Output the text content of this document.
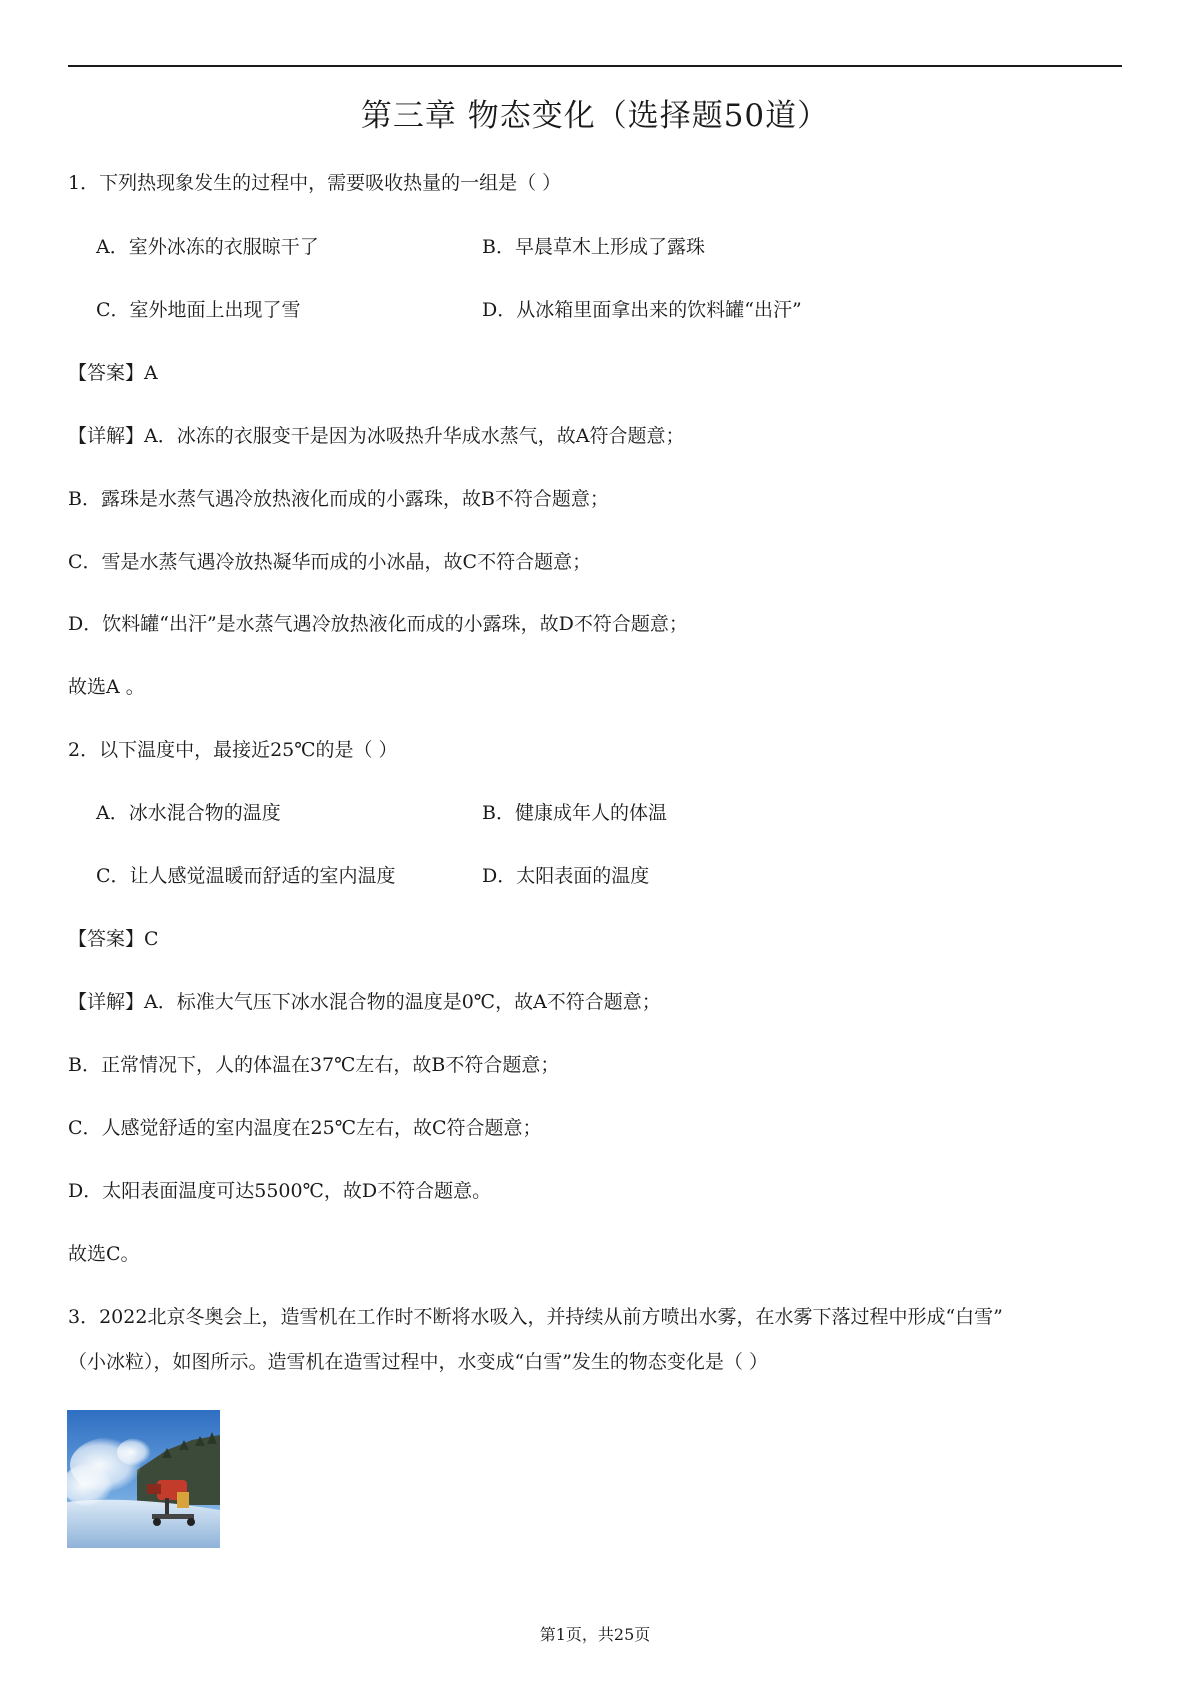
第三章 物态变化（选择题50道）
1．下列热现象发生的过程中，需要吸收热量的一组是（ ）
A．室外冰冻的衣服晾干了	B．早晨草木上形成了露珠
C．室外地面上出现了雪	D．从冰箱里面拿出来的饮料罐“出汗”
【答案】A
【详解】A．冰冻的衣服变干是因为冰吸热升华成水蒸气，故A符合题意；
B．露珠是水蒸气遇冷放热液化而成的小露珠，故B不符合题意；
C．雪是水蒸气遇冷放热凝华而成的小冰晶，故C不符合题意；
D．饮料罐“出汗”是水蒸气遇冷放热液化而成的小露珠，故D不符合题意；
故选A 。
2．以下温度中，最接近25℃的是（ ）
A．冰水混合物的温度	B．健康成年人的体温
C．让人感觉温暖而舒适的室内温度	D．太阳表面的温度
【答案】C
【详解】A．标准大气压下冰水混合物的温度是0℃，故A不符合题意；
B．正常情况下，人的体温在37℃左右，故B不符合题意；
C．人感觉舒适的室内温度在25℃左右，故C符合题意；
D．太阳表面温度可达5500℃，故D不符合题意。
故选C。
3．2022北京冬奥会上，造雪机在工作时不断将水吸入，并持续从前方喷出水雾，在水雾下落过程中形成“白雪”
（小冰粒），如图所示。造雪机在造雪过程中，水变成“白雪”发生的物态变化是（ ）
第1页，共25页
